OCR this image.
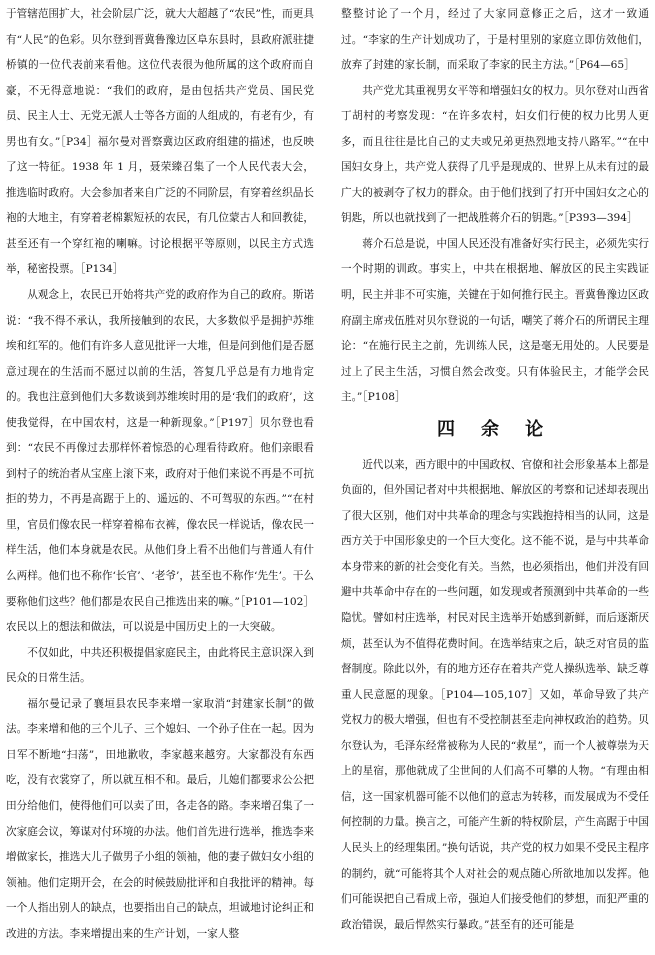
于管辖范围扩大，社会阶层广泛，就大大超越了“农民”性，而更具有“人民”的色彩。贝尔登到晋冀鲁豫边区阜东县时，县政府派驻捷桥镇的一位代表前来看他。这位代表很为他所属的这个政府而自豪，不无得意地说：“我们的政府，是由包括共产党员、国民党员、民主人士、无党无派人士等各方面的人组成的，有老有少，有男也有女。”［P34］福尔曼对晋察冀边区政府组建的描述，也反映了这一特征。1938 年 1 月，聂荣臻召集了一个人民代表大会，推选临时政府。大会参加者来自广泛的不同阶层，有穿着丝织品长袍的大地主，有穿着老棉絮短袄的农民，有几位蒙古人和回教徒，甚至还有一个穿红袍的喇嘛。讨论根据平等原则，以民主方式选举，秘密投票。［P134］

从观念上，农民已开始将共产党的政府作为自己的政府。斯诺说：“我不得不承认，我所接触到的农民，大多数似乎是拥护苏维埃和红军的。他们有许多人意见批评一大堆，但是问到他们是否愿意过现在的生活而不愿过以前的生活，答复几乎总是有力地肯定的。我也注意到他们大多数谈到苏维埃时用的是‘我们的政府’，这使我觉得，在中国农村，这是一种新现象。”［P197］贝尔登也看到：“农民不再像过去那样怀着惊恐的心理看待政府。他们亲眼看到村子的统治者从宝座上滚下来，政府对于他们来说不再是不可抗拒的势力，不再是高踞于上的、遥远的、不可驾驭的东西。”“在村里，官员们像农民一样穿着棉布衣裤，像农民一样说话，像农民一样生活，他们本身就是农民。从他们身上看不出他们与普通人有什么两样。他们也不称作‘长官’、‘老爷’，甚至也不称作‘先生’。干么要称他们这些？他们都是农民自己推选出来的嘛。”［P101—102］农民以上的想法和做法，可以说是中国历史上的一大突破。

不仅如此，中共还积极提倡家庭民主，由此将民主意识深入到民众的日常生活。

福尔曼记录了襄垣县农民李来增一家取消“封建家长制”的做法。李来增和他的三个儿子、三个媳妇、一个孙子住在一起。因为日军不断地“扫荡”，田地歉收，李家越来越穷。大家都没有东西吃，没有衣裳穿了，所以就互相不和。最后，儿媳们都要求公公把田分给他们，使得他们可以卖了田，各走各的路。李来增召集了一次家庭会议，筹谋对付环境的办法。他们首先进行选举，推选李来增做家长，推选大儿子做男子小组的领袖，他的妻子做妇女小组的领袖。他们定期开会，在会的时候鼓励批评和自我批评的精神。每一个人指出别人的缺点，也要指出自己的缺点，坦诚地讨论纠正和改进的方法。李来增提出来的生产计划，一家人整

整整讨论了一个月，经过了大家同意修正之后，这才一致通过。“李家的生产计划成功了，于是村里别的家庭立即仿效他们，放弃了封建的家长制，而采取了李家的民主方法。”［P64—65］

共产党尤其重视男女平等和增强妇女的权力。贝尔登对山西省丁胡村的考察发现：“在许多农村，妇女们行使的权力比男人更多，而且往往是比自己的丈夫或兄弟更热烈地支持八路军。”“在中国妇女身上，共产党人获得了几乎是现成的、世界上从未有过的最广大的被剥夺了权力的群众。由于他们找到了打开中国妇女之心的钥匙，所以也就找到了一把战胜蒋介石的钥匙。”［P393—394］

蒋介石总是说，中国人民还没有准备好实行民主，必须先实行一个时期的训政。事实上，中共在根据地、解放区的民主实践证明，民主并非不可实施，关键在于如何推行民主。晋冀鲁豫边区政府副主席戎伍胜对贝尔登说的一句话，嘲笑了蒋介石的所谓民主理论：“在施行民主之前，先训练人民，这是毫无用处的。人民要是过上了民主生活，习惯自然会改变。只有体验民主，才能学会民主。”［P108］

四 余 论

近代以来，西方眼中的中国政权、官僚和社会形象基本上都是负面的，但外国记者对中共根据地、解放区的考察和记述却表现出了很大区别，他们对中共革命的理念与实践抱持相当的认同，这是西方关于中国形象史的一个巨大变化。这不能不说，是与中共革命本身带来的新的社会变化有关。当然，也必须指出，他们并没有回避中共革命中存在的一些问题，如发现或者预测到中共革命的一些隐忧。譬如村庄选举，村民对民主选举开始感到新鲜，而后逐渐厌烦，甚至认为不值得花费时间。在选举结束之后，缺乏对官员的监督制度。除此以外，有的地方还存在着共产党人操纵选举、缺乏尊重人民意愿的现象。［P104—105,107］又如，革命导致了共产党权力的极大增强，但也有不受控制甚至走向神权政治的趋势。贝尔登认为，毛泽东经常被称为人民的“救星”，而一个人被尊崇为天上的星宿，那他就成了尘世间的人们高不可攀的人物。“有理由相信，这一国家机器可能不以他们的意志为转移，而发展成为不受任何控制的力量。换言之，可能产生新的特权阶层，产生高踞于中国人民头上的经理集团。”换句话说，共产党的权力如果不受民主程序的制约，就“可能将其个人对社会的观点随心所欲地加以发挥。他们可能误把自己看成上帝，强迫人们接受他们的梦想，而犯严重的政治错误，最后悍然实行暴政。”甚至有的还可能是
